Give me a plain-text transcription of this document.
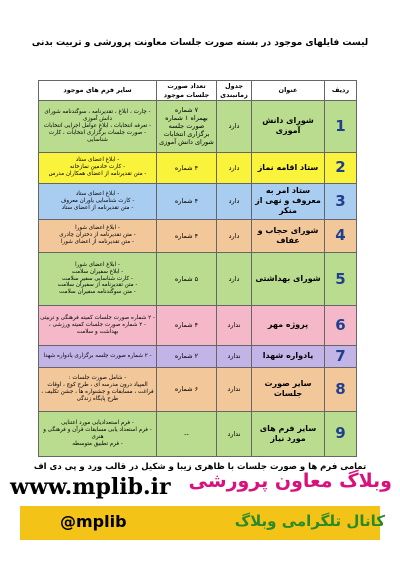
لیست فایلهای موجود در بسته صورت جلسات معاونت پرورشی و تربیت بدنی
ردیف	عنوان	جدول زمانبندی	تعداد صورت جلسات موجود	سایر فرم های موجود
1	شورای دانش آموزی	دارد	۷ شماره
بهمراه ۱ شماره صورت جلسه برگزاری انتخابات شورای دانش آموزی	- چارت ، ابلاغ ، تقدیرنامه ، سوگندنامه شورای دانش آموزی
- تعرفه انتخابات ، ابلاغ عوامل اجرایی انتخابات
- صورت جلسات برگزاری انتخابات ، کارت شناسایی
2	ستاد اقامه نماز	دارد	۴ شماره	- ابلاغ اعضای ستاد
- کارت خادمین نمازخانه
- متن تقدیرنامه از اعضای همکاران مدرس
3	ستاد امر به معروف و نهی از منکر	دارد	۴ شماره	- ابلاغ اعضای ستاد
- کارت شناسایی یاوران معروف
- متن تقدیرنامه از اعضای ستاد
4	شورای حجاب و عفاف	دارد	۴ شماره	- ابلاغ اعضای شورا
- متن تقدیرنامه از دختران چادری
- متن تقدیرنامه از اعضای شورا
5	شورای بهداشتی	دارد	۵ شماره	- ابلاغ اعضای شورا
- ابلاغ سفیران سلامت
- کارت شناسایی سفیر سلامت
- متن تقدیرنامه از سفیران سلامت
- متن سوگندنامه سفیران سلامت
6	پروژه مهر	ندارد	۴ شماره	- ۲ شماره صورت جلسات کمیته فرهنگی و تربیتی
- ۲ شماره صورت جلسات کمیته ورزشی ، بهداشت و سلامت
7	یادواره شهدا	ندارد	۲ شماره	- ۲ شماره صورت جلسه برگزاری یادواره شهدا
8	سایر صورت جلسات	ندارد	۶ شماره	- شامل صورت جلسات :
المپیاد درون مدرسه ای ، طرح کوچ ، اوقات فراغت ، مسابقات و جشنواره ها ، جشن تکلیف ، طرح پایگاه زندگی
9	سایر فرم های مورد نیاز	ندارد	--	- فرم استعدادیابی مورد اعتنایی
- فرم استعداد یابی مسابقات قرآن و فرهنگی و هنری
- فرم تطبیق متوسطه
تمامی فرم ها و صورت جلسات با ظاهری زیبا و شکیل در قالب ورد و پی دی اف
www.mplib.ir وبلاگ معاون پرورشی
کانال تلگرامی وبلاگ
@mplib
